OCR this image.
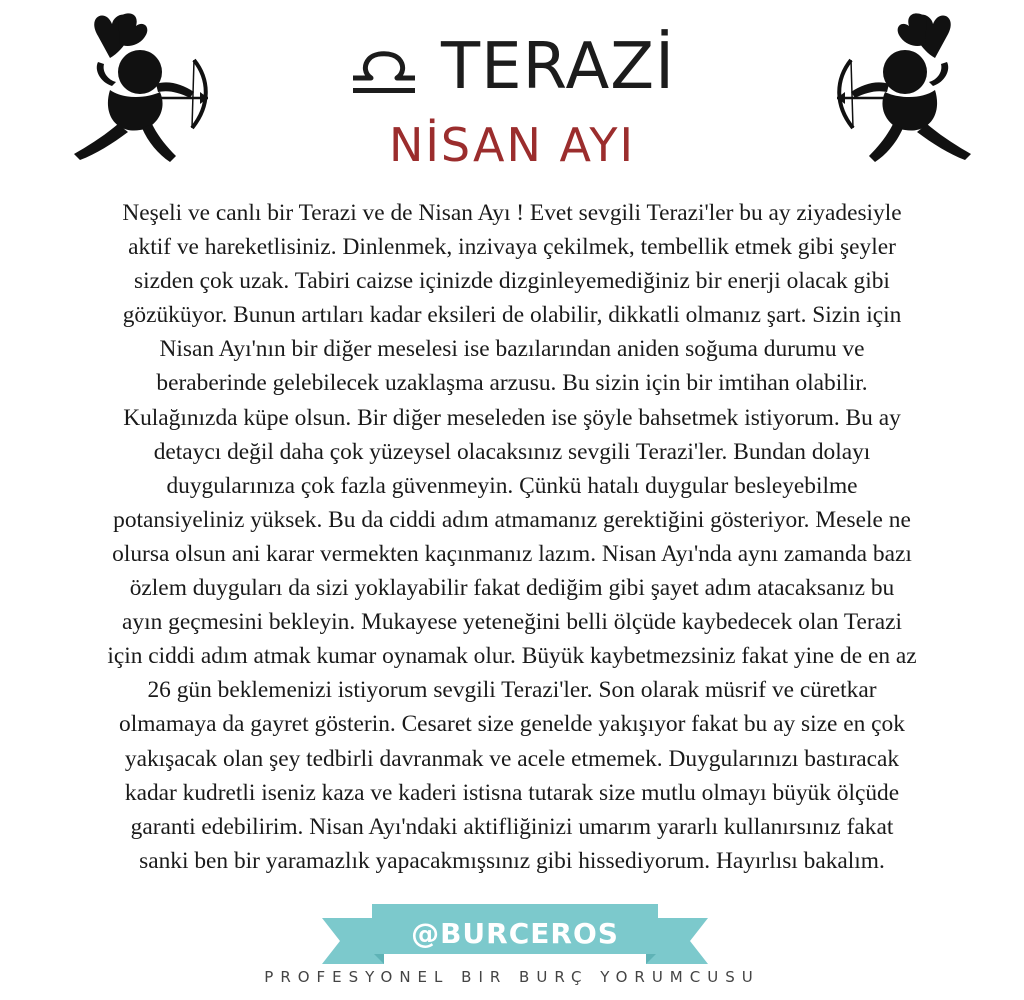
TERAZİ
NİSAN AYI
Neşeli ve canlı bir Terazi ve de Nisan Ayı ! Evet sevgili Terazi'ler bu ay ziyadesiyle
aktif ve hareketlisiniz. Dinlenmek, inzivaya çekilmek, tembellik etmek gibi şeyler
sizden çok uzak. Tabiri caizse içinizde dizginleyemediğiniz bir enerji olacak gibi
gözüküyor. Bunun artıları kadar eksileri de olabilir, dikkatli olmanız şart. Sizin için
Nisan Ayı'nın bir diğer meselesi ise bazılarından aniden soğuma durumu ve
beraberinde gelebilecek uzaklaşma arzusu. Bu sizin için bir imtihan olabilir.
Kulağınızda küpe olsun. Bir diğer meseleden ise şöyle bahsetmek istiyorum. Bu ay
detaycı değil daha çok yüzeysel olacaksınız sevgili Terazi'ler. Bundan dolayı
duygularınıza çok fazla güvenmeyin. Çünkü hatalı duygular besleyebilme
potansiyeliniz yüksek. Bu da ciddi adım atmamanız gerektiğini gösteriyor. Mesele ne
olursa olsun ani karar vermekten kaçınmanız lazım. Nisan Ayı'nda aynı zamanda bazı
özlem duyguları da sizi yoklayabilir fakat dediğim gibi şayet adım atacaksanız bu
ayın geçmesini bekleyin. Mukayese yeteneğini belli ölçüde kaybedecek olan Terazi
için ciddi adım atmak kumar oynamak olur. Büyük kaybetmezsiniz fakat yine de en az
26 gün beklemenizi istiyorum sevgili Terazi'ler. Son olarak müsrif ve cüretkar
olmamaya da gayret gösterin. Cesaret size genelde yakışıyor fakat bu ay size en çok
yakışacak olan şey tedbirli davranmak ve acele etmemek. Duygularınızı bastıracak
kadar kudretli iseniz kaza ve kaderi istisna tutarak size mutlu olmayı büyük ölçüde
garanti edebilirim. Nisan Ayı'ndaki aktifliğinizi umarım yararlı kullanırsınız fakat
sanki ben bir yaramazlık yapacakmışsınız gibi hissediyorum. Hayırlısı bakalım.
@BURCEROS
PROFESYONEL BIR BURÇ YORUMCUSU
